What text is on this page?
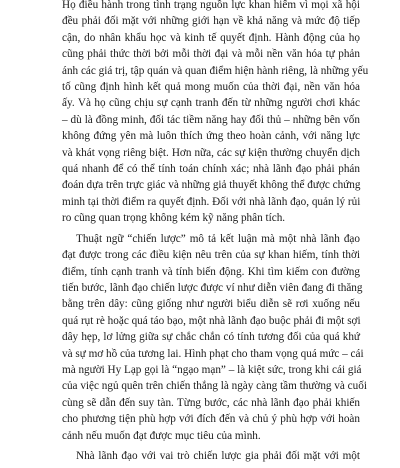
Họ điều hành trong tình trạng nguồn lực khan hiếm vì mọi xã hội
đều phải đối mặt với những giới hạn về khả năng và mức độ tiếp
cận, do nhân khẩu học và kinh tế quyết định. Hành động của họ
cũng phải thức thời bởi mỗi thời đại và mỗi nền văn hóa tự phản
ánh các giá trị, tập quán và quan điểm hiện hành riêng, là những yếu
tố cũng định hình kết quả mong muốn của thời đại, nền văn hóa
ấy. Và họ cũng chịu sự cạnh tranh đến từ những người chơi khác
– dù là đồng minh, đối tác tiềm năng hay đối thủ – những bên vốn
không đứng yên mà luôn thích ứng theo hoàn cảnh, với năng lực
và khát vọng riêng biệt. Hơn nữa, các sự kiện thường chuyển dịch
quá nhanh để có thể tính toán chính xác; nhà lãnh đạo phải phán
đoán dựa trên trực giác và những giả thuyết không thể được chứng
minh tại thời điểm ra quyết định. Đối với nhà lãnh đạo, quản lý rủi
ro cũng quan trọng không kém kỹ năng phân tích.
Thuật ngữ “chiến lược” mô tả kết luận mà một nhà lãnh đạo
đạt được trong các điều kiện nêu trên của sự khan hiếm, tính thời
điểm, tính cạnh tranh và tính biến động. Khi tìm kiếm con đường
tiến bước, lãnh đạo chiến lược được ví như diễn viên đang đi thăng
bằng trên dây: cũng giống như người biểu diễn sẽ rơi xuống nếu
quá rụt rè hoặc quá táo bạo, một nhà lãnh đạo buộc phải đi một sợi
dây hẹp, lơ lửng giữa sự chắc chắn có tính tương đối của quá khứ
và sự mơ hồ của tương lai. Hình phạt cho tham vọng quá mức – cái
mà người Hy Lạp gọi là “ngạo mạn” – là kiệt sức, trong khi cái giá
của việc ngủ quên trên chiến thắng là ngày càng tầm thường và cuối
cùng sẽ dẫn đến suy tàn. Từng bước, các nhà lãnh đạo phải khiến
cho phương tiện phù hợp với đích đến và chủ ý phù hợp với hoàn
cảnh nếu muốn đạt được mục tiêu của mình.
Nhà lãnh đạo với vai trò chiến lược gia phải đối mặt với một
